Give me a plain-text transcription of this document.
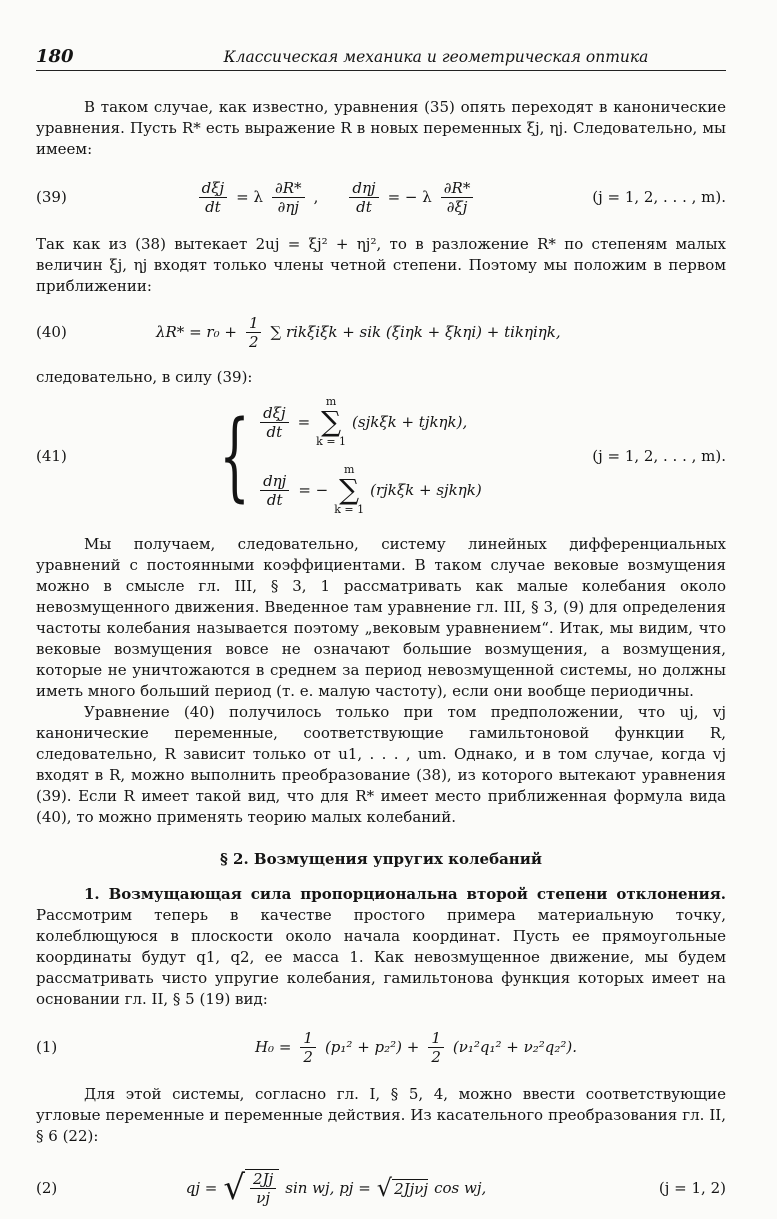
180	Классическая механика и геометрическая оптика

В таком случае, как известно, уравнения (35) опять переходят в канонические уравнения. Пусть R* есть выражение R в новых переменных ξj, ηj. Следовательно, мы имеем:

(39)	$\frac{\text{dξj}}{dt} = \lambda \frac{\partial R*}{\partial\eta j}$ , $\frac{\text{dηj}}{dt}$ = − λ $\frac{\partial R*}{\partial\xi j}$	(j = 1, 2, . . . , m).

Так как из (38) вытекает 2uj = ξj² + ηj², то в разложение R* по степеням малых величин ξj, ηj входят только члены четной степени. Поэтому мы положим в первом приближении:

(40)	$\lambda R* = r_0 + \frac{1}{2}$ ∑ rikξiξk + sik (ξiηk + ξkηi) + tikηiηk,

следовательно, в силу (39):

(41)	{ $\frac{\text{dξj}}{dt}$ =
m
∑
k = 1
(sjkξk + tjkηk),
$\frac{\text{dηj}}{dt}$ = −
m
∑
k = 1
(rjkξk + sjkηk)
(j = 1, 2, . . . , m).

Мы получаем, следовательно, систему линейных дифференциальных уравнений с постоянными коэффициентами. В таком случае вековые возмущения можно в смысле гл. III, § 3, 1 рассматривать как малые колебания около невозмущенного движения. Введенное там уравнение гл. III, § 3, (9) для определения частоты колебания называется поэтому „вековым уравнением“. Итак, мы видим, что вековые возмущения вовсе не означают большие возмущения, а возмущения, которые не уничтожаются в среднем за период невозмущенной системы, но должны иметь много больший период (т. е. малую частоту), если они вообще периодичны.

Уравнение (40) получилось только при том предположении, что uj, vj канонические переменные, соответствующие гамильтоновой функции R, следовательно, R зависит только от u1, . . . , um. Однако, и в том случае, когда vj входят в R, можно выполнить преобразование (38), из которого вытекают уравнения (39). Если R имеет такой вид, что для R* имеет место приближенная формула вида (40), то можно применять теорию малых колебаний.

§ 2. Возмущения упругих колебаний

1. Возмущающая сила пропорциональна второй степени отклонения. Рассмотрим теперь в качестве простого примера материальную точку, колеблющуюся в плоскости около начала координат. Пусть ее прямоугольные координаты будут q1, q2, ее масса 1. Как невозмущенное движение, мы будем рассматривать чисто упругие колебания, гамильтонова функция которых имеет на основании гл. II, § 5 (19) вид:

(1)	$H_0 = \frac{1}{2} (p_1^2 + p_2^2) + \frac{1}{2} (\nu_1^2q_1^2 + \nu_2^2q_2^2)$.

Для этой системы, согласно гл. I, § 5, 4, можно ввести соответствующие угловые переменные и переменные действия. Из касательного преобразования гл. II, § 6 (22):

(2)	qj = √ $\frac{2Jj}{\nu j}$ sin wj, pj = √ 2Jjνj cos wj,	(j = 1, 2)
